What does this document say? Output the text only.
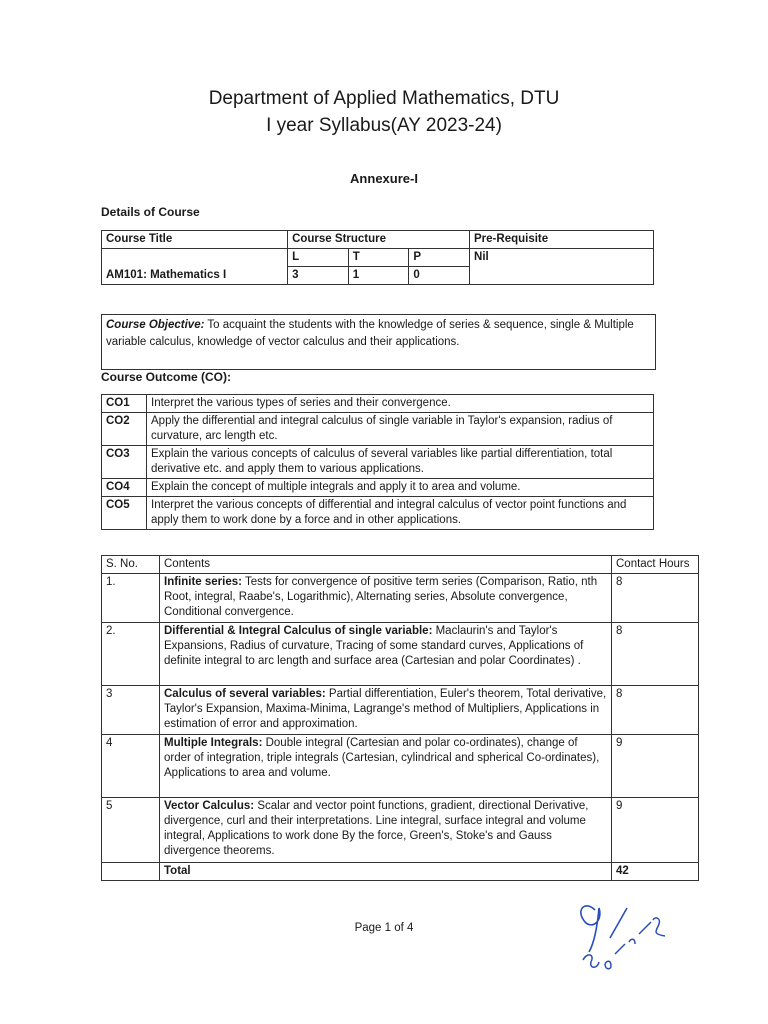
Department of Applied Mathematics, DTU
I year Syllabus(AY 2023-24)
Annexure-I
Details of Course
Course Title	Course Structure			Pre-Requisite
AM101: Mathematics I	L	T	P	Nil
	3	1	0	
Course Objective: To acquaint the students with the knowledge of series & sequence, single & Multiple variable calculus, knowledge of vector calculus and their applications.
Course Outcome (CO):
CO1	Interpret the various types of series and their convergence.
CO2	Apply the differential and integral calculus of single variable in Taylor's expansion, radius of curvature, arc length etc.
CO3	Explain the various concepts of calculus of several variables like partial differentiation, total derivative etc. and apply them to various applications.
CO4	Explain the concept of multiple integrals and apply it to area and volume.
CO5	Interpret the various concepts of differential and integral calculus of vector point functions and apply them to work done by a force and in other applications.
S. No.	Contents	Contact Hours
1.	Infinite series: Tests for convergence of positive term series (Comparison, Ratio, nth Root, integral, Raabe's, Logarithmic), Alternating series, Absolute convergence, Conditional convergence.	8
2.	Differential & Integral Calculus of single variable: Maclaurin's and Taylor's Expansions, Radius of curvature, Tracing of some standard curves, Applications of definite integral to arc length and surface area (Cartesian and polar Coordinates) .	8
3	Calculus of several variables: Partial differentiation, Euler's theorem, Total derivative, Taylor's Expansion, Maxima-Minima, Lagrange's method of Multipliers, Applications in estimation of error and approximation.	8
4	Multiple Integrals: Double integral (Cartesian and polar co-ordinates), change of order of integration, triple integrals (Cartesian, cylindrical and spherical Co-ordinates), Applications to area and volume.	9
5	Vector Calculus: Scalar and vector point functions, gradient, directional Derivative, divergence, curl and their interpretations. Line integral, surface integral and volume integral, Applications to work done By the force, Green's, Stoke's and Gauss divergence theorems.	9
	Total	42
Page 1 of 4
